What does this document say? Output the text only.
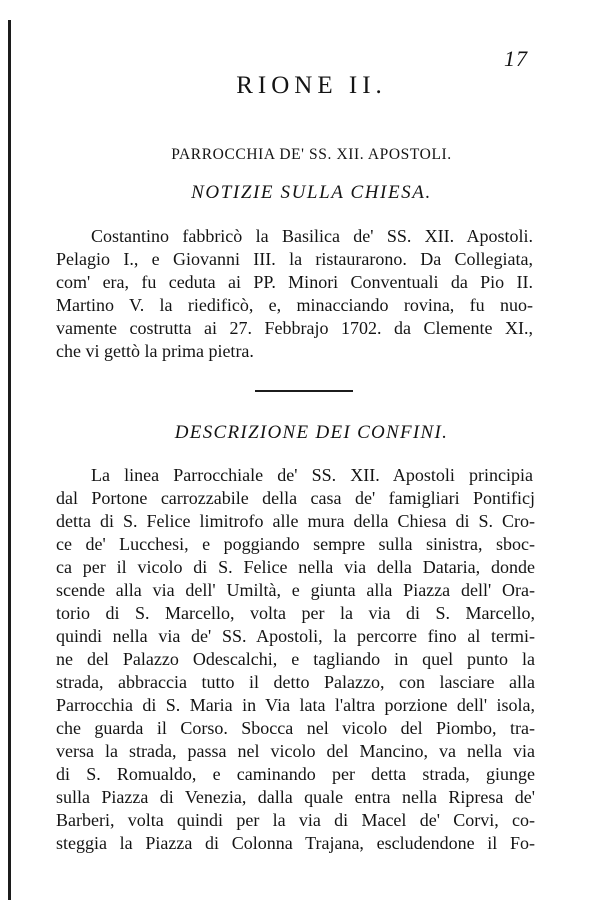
17
RIONE II.
PARROCCHIA DE' SS. XII. APOSTOLI.
NOTIZIE SULLA CHIESA.
Costantino fabbricò la Basilica de' SS. XII. Apostoli.
Pelagio I., e Giovanni III. la ristaurarono. Da Collegiata,
com' era, fu ceduta ai PP. Minori Conventuali da Pio II.
Martino V. la riedificò, e, minacciando rovina, fu nuo-
vamente costrutta ai 27. Febbrajo 1702. da Clemente XI.,
che vi gettò la prima pietra.
DESCRIZIONE DEI CONFINI.
La linea Parrocchiale de' SS. XII. Apostoli principia
dal Portone carrozzabile della casa de' famigliari Pontificj
detta di S. Felice limitrofo alle mura della Chiesa di S. Cro-
ce de' Lucchesi, e poggiando sempre sulla sinistra, sboc-
ca per il vicolo di S. Felice nella via della Dataria, donde
scende alla via dell' Umiltà, e giunta alla Piazza dell' Ora-
torio di S. Marcello, volta per la via di S. Marcello,
quindi nella via de' SS. Apostoli, la percorre fino al termi-
ne del Palazzo Odescalchi, e tagliando in quel punto la
strada, abbraccia tutto il detto Palazzo, con lasciare alla
Parrocchia di S. Maria in Via lata l'altra porzione dell' isola,
che guarda il Corso. Sbocca nel vicolo del Piombo, tra-
versa la strada, passa nel vicolo del Mancino, va nella via
di S. Romualdo, e caminando per detta strada, giunge
sulla Piazza di Venezia, dalla quale entra nella Ripresa de'
Barberi, volta quindi per la via di Macel de' Corvi, co-
steggia la Piazza di Colonna Trajana, escludendone il Fo-
